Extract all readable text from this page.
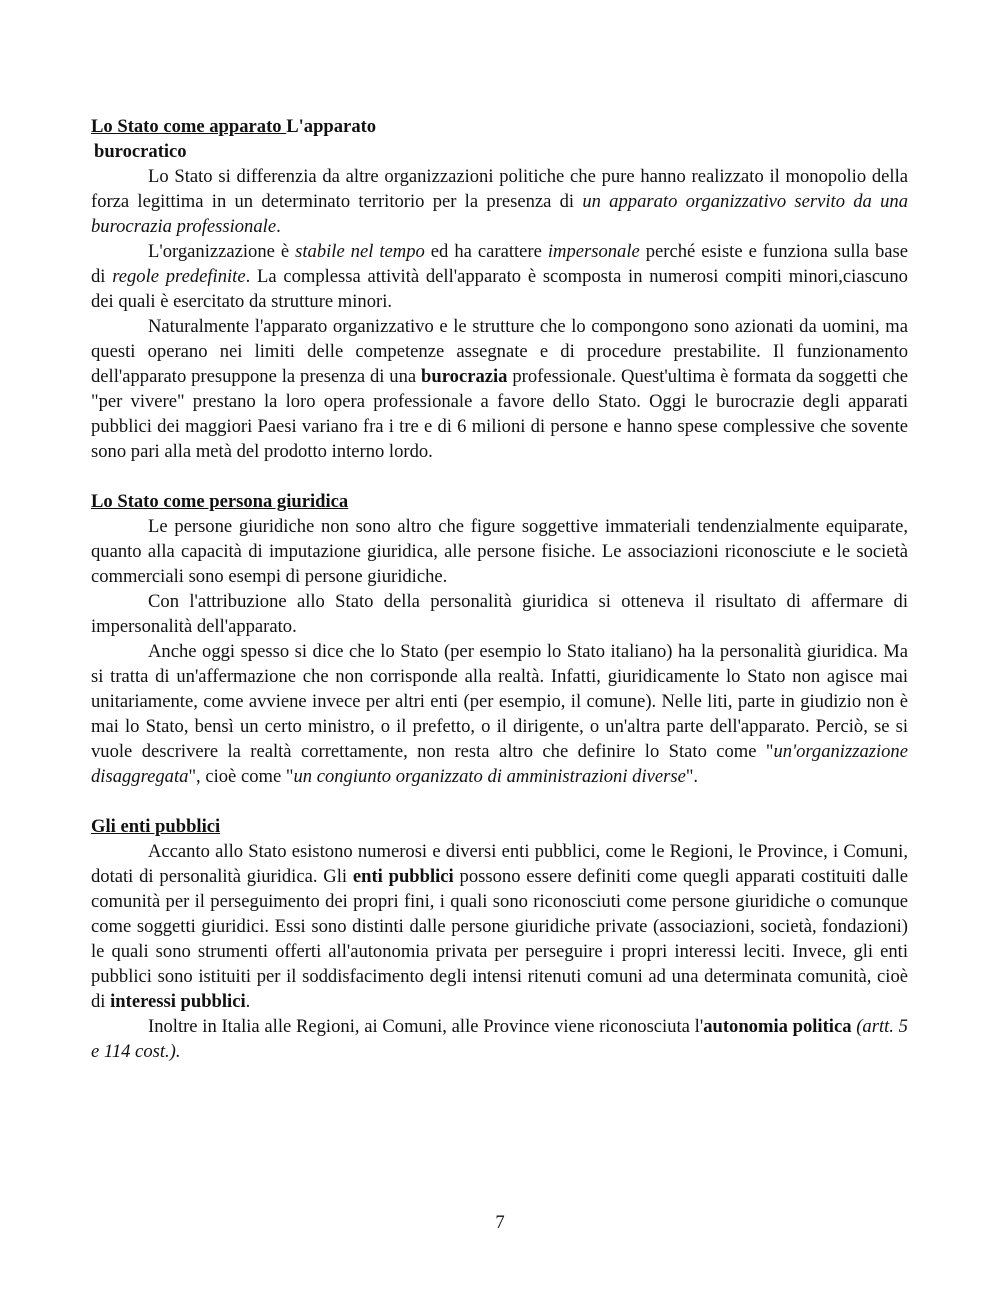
Lo Stato come apparato L'apparato
burocratico

Lo Stato si differenzia da altre organizzazioni politiche che pure hanno realizzato il monopolio della forza legittima in un determinato territorio per la presenza di un apparato organizzativo servito da una burocrazia professionale.

L'organizzazione è stabile nel tempo ed ha carattere impersonale perché esiste e funziona sulla base di regole predefinite. La complessa attività dell'apparato è scomposta in numerosi compiti minori,ciascuno dei quali è esercitato da strutture minori.

Naturalmente l'apparato organizzativo e le strutture che lo compongono sono azionati da uomini, ma questi operano nei limiti delle competenze assegnate e di procedure prestabilite. Il funzionamento dell'apparato presuppone la presenza di una burocrazia professionale. Quest'ultima è formata da soggetti che "per vivere" prestano la loro opera professionale a favore dello Stato. Oggi le burocrazie degli apparati pubblici dei maggiori Paesi variano fra i tre e di 6 milioni di persone e hanno spese complessive che sovente sono pari alla metà del prodotto interno lordo.

Lo Stato come persona giuridica

Le persone giuridiche non sono altro che figure soggettive immateriali tendenzialmente equiparate, quanto alla capacità di imputazione giuridica, alle persone fisiche. Le associazioni riconosciute e le società commerciali sono esempi di persone giuridiche.

Con l'attribuzione allo Stato della personalità giuridica si otteneva il risultato di affermare di impersonalità dell'apparato.

Anche oggi spesso si dice che lo Stato (per esempio lo Stato italiano) ha la personalità giuridica. Ma si tratta di un'affermazione che non corrisponde alla realtà. Infatti, giuridicamente lo Stato non agisce mai unitariamente, come avviene invece per altri enti (per esempio, il comune). Nelle liti, parte in giudizio non è mai lo Stato, bensì un certo ministro, o il prefetto, o il dirigente, o un'altra parte dell'apparato. Perciò, se si vuole descrivere la realtà correttamente, non resta altro che definire lo Stato come "un'organizzazione disaggregata", cioè come "un congiunto organizzato di amministrazioni diverse".

Gli enti pubblici

Accanto allo Stato esistono numerosi e diversi enti pubblici, come le Regioni, le Province, i Comuni, dotati di personalità giuridica. Gli enti pubblici possono essere definiti come quegli apparati costituiti dalle comunità per il perseguimento dei propri fini, i quali sono riconosciuti come persone giuridiche o comunque come soggetti giuridici. Essi sono distinti dalle persone giuridiche private (associazioni, società, fondazioni) le quali sono strumenti offerti all'autonomia privata per perseguire i propri interessi leciti. Invece, gli enti pubblici sono istituiti per il soddisfacimento degli intensi ritenuti comuni ad una determinata comunità, cioè di interessi pubblici.

Inoltre in Italia alle Regioni, ai Comuni, alle Province viene riconosciuta l'autonomia politica (artt. 5 e 114 cost.).

7
